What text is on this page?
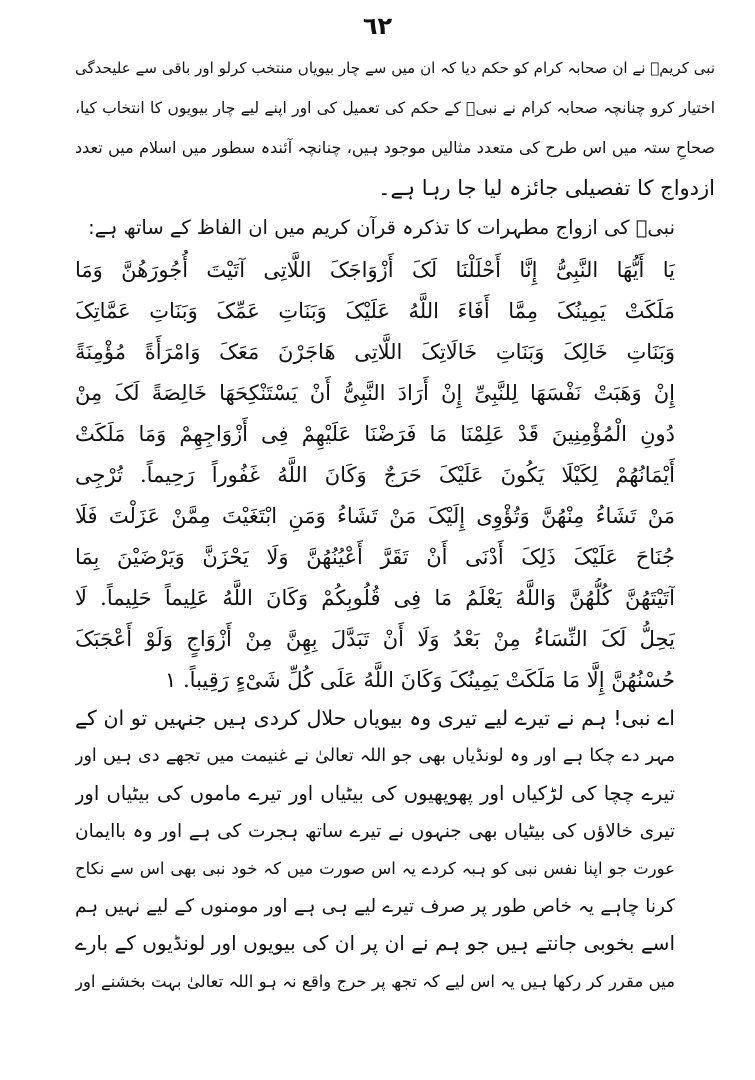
٦٢
نبی کریمؐ نے ان صحابہ کرام کو حکم دیا کہ ان میں سے چار بیویاں منتخب کرلو اور باقی سے علیحدگی
اختیار کرو چنانچہ صحابہ کرام نے نبیؐ کے حکم کی تعمیل کی اور اپنے لیے چار بیویوں کا انتخاب کیا،
صحاحِ ستہ میں اس طرح کی متعدد مثالیں موجود ہیں، چنانچہ آئندہ سطور میں اسلام میں تعدد
ازدواج کا تفصیلی جائزہ لیا جا رہا ہے۔
نبیؐ کی ازواج مطہرات کا تذکرہ قرآن کریم میں ان الفاظ کے ساتھ ہے:
یَا أَیُّهَا النَّبِیُّ إِنَّا أَحْلَلْنَا لَکَ أَزْوَاجَکَ اللَّاتِی آتَیْتَ أُجُورَهُنَّ وَمَا
مَلَکَتْ یَمِینُکَ مِمَّا أَفَاءَ اللَّهُ عَلَیْکَ وَبَنَاتِ عَمِّکَ وَبَنَاتِ عَمَّاتِکَ
وَبَنَاتِ خَالِکَ وَبَنَاتِ خَالَاتِکَ اللَّاتِی هَاجَرْنَ مَعَکَ وَامْرَأَةً مُؤْمِنَةً
إِنْ وَهَبَتْ نَفْسَهَا لِلنَّبِیِّ إِنْ أَرَادَ النَّبِیُّ أَنْ یَسْتَنْکِحَهَا خَالِصَةً لَکَ مِنْ
دُونِ الْمُؤْمِنِینَ قَدْ عَلِمْنَا مَا فَرَضْنَا عَلَیْهِمْ فِی أَزْوَاجِهِمْ وَمَا مَلَکَتْ
أَیْمَانُهُمْ لِکَیْلَا یَکُونَ عَلَیْکَ حَرَجٌ وَکَانَ اللَّهُ غَفُوراً رَحِیماً. تُرْجِی
مَنْ تَشَاءُ مِنْهُنَّ وَتُؤْوِی إِلَیْکَ مَنْ تَشَاءُ وَمَنِ ابْتَغَیْتَ مِمَّنْ عَزَلْتَ فَلَا
جُنَاحَ عَلَیْکَ ذَلِکَ أَدْنَى أَنْ تَقَرَّ أَعْیُنُهُنَّ وَلَا یَحْزَنَّ وَیَرْضَیْنَ بِمَا
آتَیْتَهُنَّ کُلُّهُنَّ وَاللَّهُ یَعْلَمُ مَا فِی قُلُوبِکُمْ وَکَانَ اللَّهُ عَلِیماً حَلِیماً. لَا
یَحِلُّ لَکَ النِّسَاءُ مِنْ بَعْدُ وَلَا أَنْ تَبَدَّلَ بِهِنَّ مِنْ أَزْوَاجٍ وَلَوْ أَعْجَبَکَ
حُسْنُهُنَّ إِلَّا مَا مَلَکَتْ یَمِینُکَ وَکَانَ اللَّهُ عَلَى کُلِّ شَیْءٍ رَقِیباً. ١
اے نبی! ہم نے تیرے لیے تیری وہ بیویاں حلال کردی ہیں جنہیں تو ان کے
مہر دے چکا ہے اور وہ لونڈیاں بھی جو اللہ تعالیٰ نے غنیمت میں تجھے دی ہیں اور
تیرے چچا کی لڑکیاں اور پھوپھیوں کی بیٹیاں اور تیرے ماموں کی بیٹیاں اور
تیری خالاؤں کی بیٹیاں بھی جنہوں نے تیرے ساتھ ہجرت کی ہے اور وہ باایمان
عورت جو اپنا نفس نبی کو ہبہ کردے یہ اس صورت میں کہ خود نبی بھی اس سے نکاح
کرنا چاہے یہ خاص طور پر صرف تیرے لیے ہی ہے اور مومنوں کے لیے نہیں ہم
اسے بخوبی جانتے ہیں جو ہم نے ان پر ان کی بیویوں اور لونڈیوں کے بارے
میں مقرر کر رکھا ہیں یہ اس لیے کہ تجھ پر حرج واقع نہ ہو اللہ تعالیٰ بہت بخشنے اور
